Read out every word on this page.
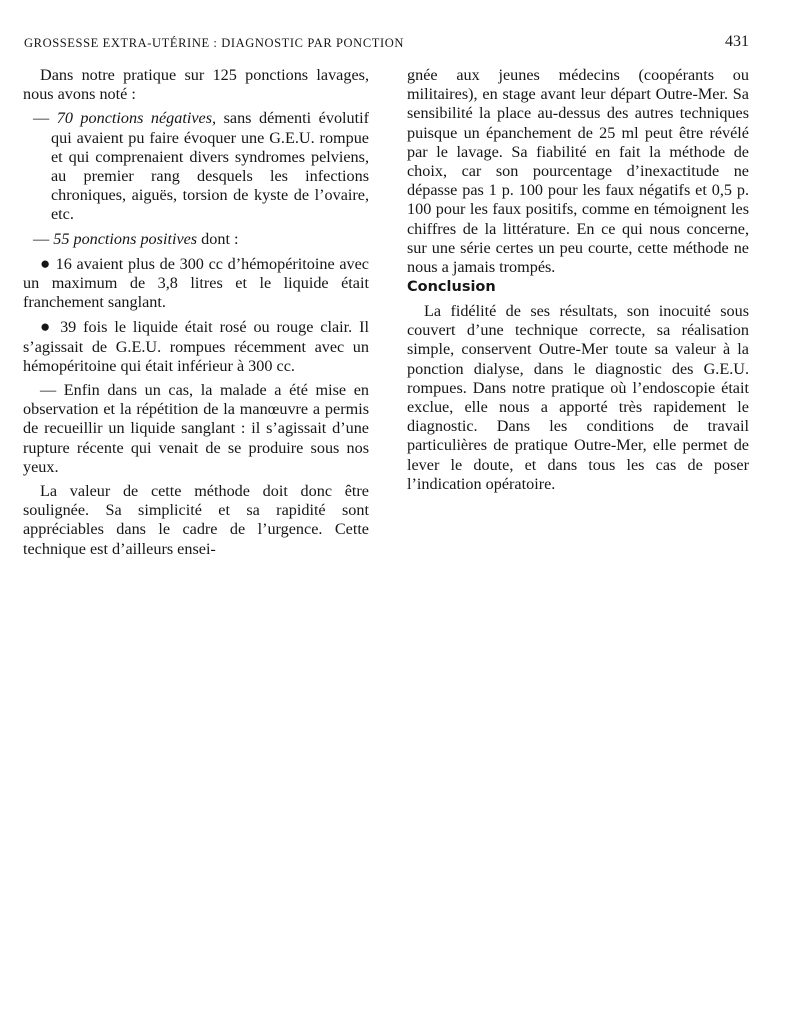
GROSSESSE EXTRA-UTÉRINE : DIAGNOSTIC PAR PONCTION	431

Dans notre pratique sur 125 ponctions lavages, nous avons noté :

— 70 ponctions négatives, sans démenti évolutif qui avaient pu faire évoquer une G.E.U. rompue et qui comprenaient divers syndromes pelviens, au premier rang desquels les infections chroniques, aiguës, torsion de kyste de l’ovaire, etc.

— 55 ponctions positives dont :

● 16 avaient plus de 300 cc d’hémopéritoine avec un maximum de 3,8 litres et le liquide était franchement sanglant.

● 39 fois le liquide était rosé ou rouge clair. Il s’agissait de G.E.U. rompues récemment avec un hémopéritoine qui était inférieur à 300 cc.

— Enfin dans un cas, la malade a été mise en observation et la répétition de la manœuvre a permis de recueillir un liquide sanglant : il s’agissait d’une rupture récente qui venait de se produire sous nos yeux.

La valeur de cette méthode doit donc être soulignée. Sa simplicité et sa rapidité sont appréciables dans le cadre de l’urgence. Cette technique est d’ailleurs ensei-

gnée aux jeunes médecins (coopérants ou militaires), en stage avant leur départ Outre-Mer. Sa sensibilité la place au-dessus des autres techniques puisque un épanchement de 25 ml peut être révélé par le lavage. Sa fiabilité en fait la méthode de choix, car son pourcentage d’inexactitude ne dépasse pas 1 p. 100 pour les faux négatifs et 0,5 p. 100 pour les faux positifs, comme en témoignent les chiffres de la littérature. En ce qui nous concerne, sur une série certes un peu courte, cette méthode ne nous a jamais trompés.

Conclusion

La fidélité de ses résultats, son inocuité sous couvert d’une technique correcte, sa réalisation simple, conservent Outre-Mer toute sa valeur à la ponction dialyse, dans le diagnostic des G.E.U. rompues. Dans notre pratique où l’endoscopie était exclue, elle nous a apporté très rapidement le diagnostic. Dans les conditions de travail particulières de pratique Outre-Mer, elle permet de lever le doute, et dans tous les cas de poser l’indication opératoire.
